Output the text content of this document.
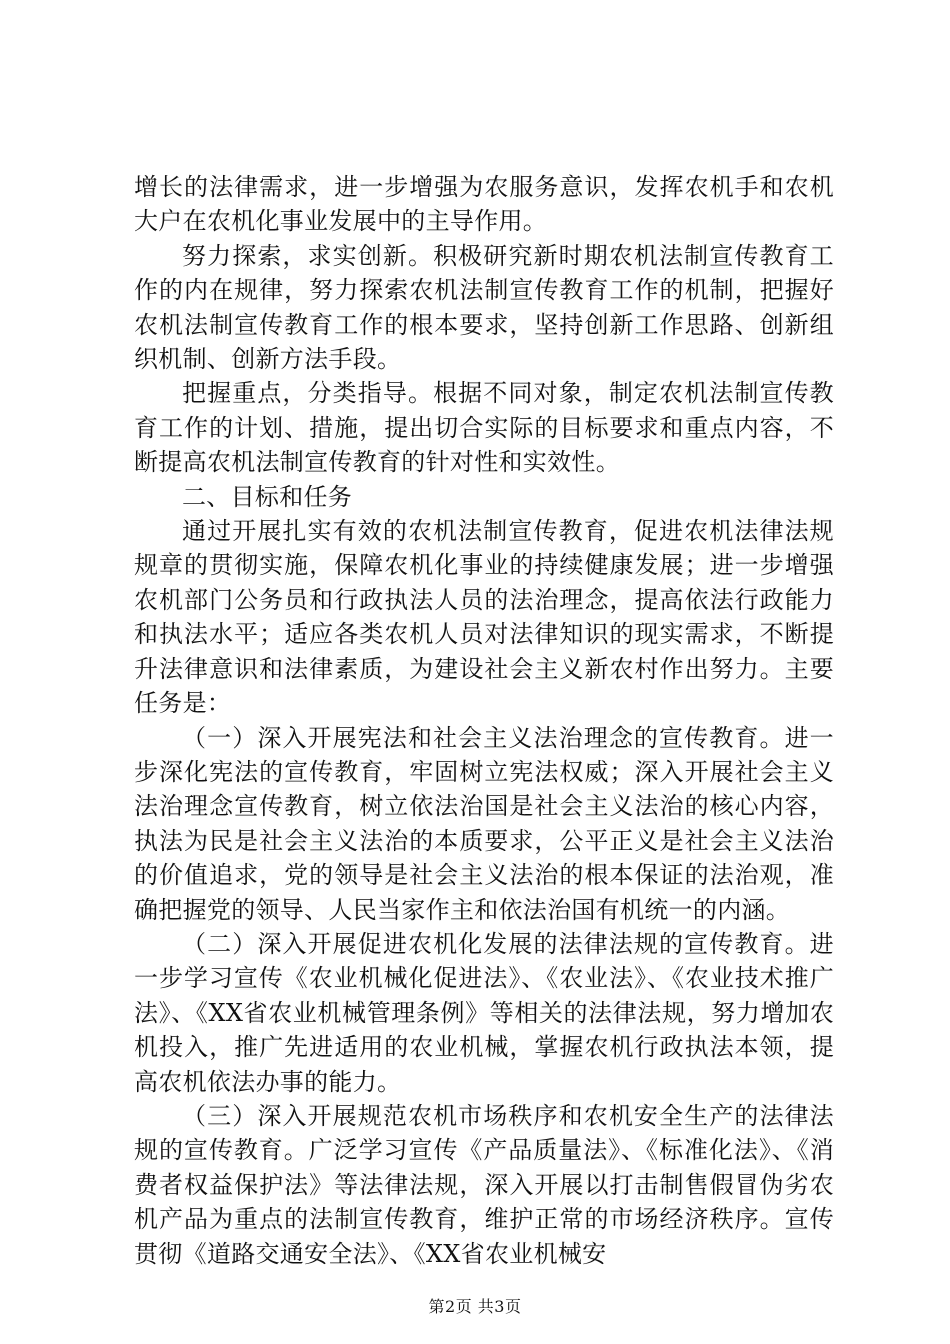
增长的法律需求，进一步增强为农服务意识，发挥农机手和农机大户在农机化事业发展中的主导作用。

努力探索，求实创新。积极研究新时期农机法制宣传教育工作的内在规律，努力探索农机法制宣传教育工作的机制，把握好农机法制宣传教育工作的根本要求，坚持创新工作思路、创新组织机制、创新方法手段。

把握重点，分类指导。根据不同对象，制定农机法制宣传教育工作的计划、措施，提出切合实际的目标要求和重点内容，不断提高农机法制宣传教育的针对性和实效性。

二、目标和任务

通过开展扎实有效的农机法制宣传教育，促进农机法律法规规章的贯彻实施，保障农机化事业的持续健康发展；进一步增强农机部门公务员和行政执法人员的法治理念，提高依法行政能力和执法水平；适应各类农机人员对法律知识的现实需求，不断提升法律意识和法律素质，为建设社会主义新农村作出努力。主要任务是：

（一）深入开展宪法和社会主义法治理念的宣传教育。进一步深化宪法的宣传教育，牢固树立宪法权威；深入开展社会主义法治理念宣传教育，树立依法治国是社会主义法治的核心内容，执法为民是社会主义法治的本质要求，公平正义是社会主义法治的价值追求，党的领导是社会主义法治的根本保证的法治观，准确把握党的领导、人民当家作主和依法治国有机统一的内涵。

（二）深入开展促进农机化发展的法律法规的宣传教育。进一步学习宣传《农业机械化促进法》、《农业法》、《农业技术推广法》、《XX省农业机械管理条例》等相关的法律法规，努力增加农机投入，推广先进适用的农业机械，掌握农机行政执法本领，提高农机依法办事的能力。

（三）深入开展规范农机市场秩序和农机安全生产的法律法规的宣传教育。广泛学习宣传《产品质量法》、《标准化法》、《消费者权益保护法》等法律法规，深入开展以打击制售假冒伪劣农机产品为重点的法制宣传教育，维护正常的市场经济秩序。宣传贯彻《道路交通安全法》、《XX省农业机械安

第2页 共3页
